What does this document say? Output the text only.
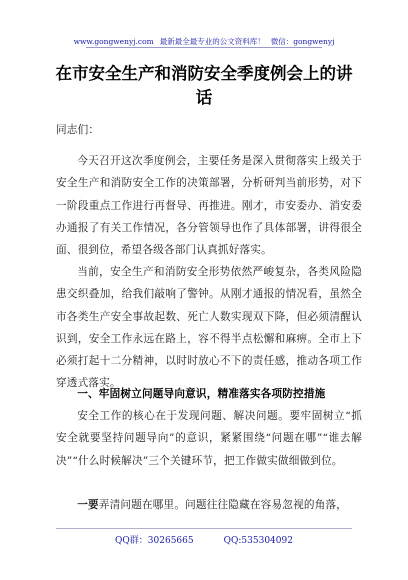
www.gongwenyj.com 最新最全最专业的公文资料库！ 微信：gongwenyj
在市安全生产和消防安全季度例会上的讲话
同志们：
今天召开这次季度例会，主要任务是深入贯彻落实上级关于安全生产和消防安全工作的决策部署，分析研判当前形势，对下一阶段重点工作进行再督导、再推进。刚才，市安委办、消安委办通报了有关工作情况，各分管领导也作了具体部署，讲得很全面、很到位，希望各级各部门认真抓好落实。
当前，安全生产和消防安全形势依然严峻复杂，各类风险隐患交织叠加，给我们敲响了警钟。从刚才通报的情况看，虽然全市各类生产安全事故起数、死亡人数实现双下降，但必须清醒认识到，安全工作永远在路上，容不得半点松懈和麻痹。全市上下必须打起十二分精神，以时时放心不下的责任感，推动各项工作穿透式落实。
一、牢固树立问题导向意识，精准落实各项防控措施
安全工作的核心在于发现问题、解决问题。要牢固树立“抓安全就要坚持问题导向”的意识，紧紧围绕“问题在哪”“谁去解决”“什么时候解决”三个关键环节，把工作做实做细做到位。
一要弄清问题在哪里。问题往往隐藏在容易忽视的角落，
QQ群：30265665	QQ:535304092
